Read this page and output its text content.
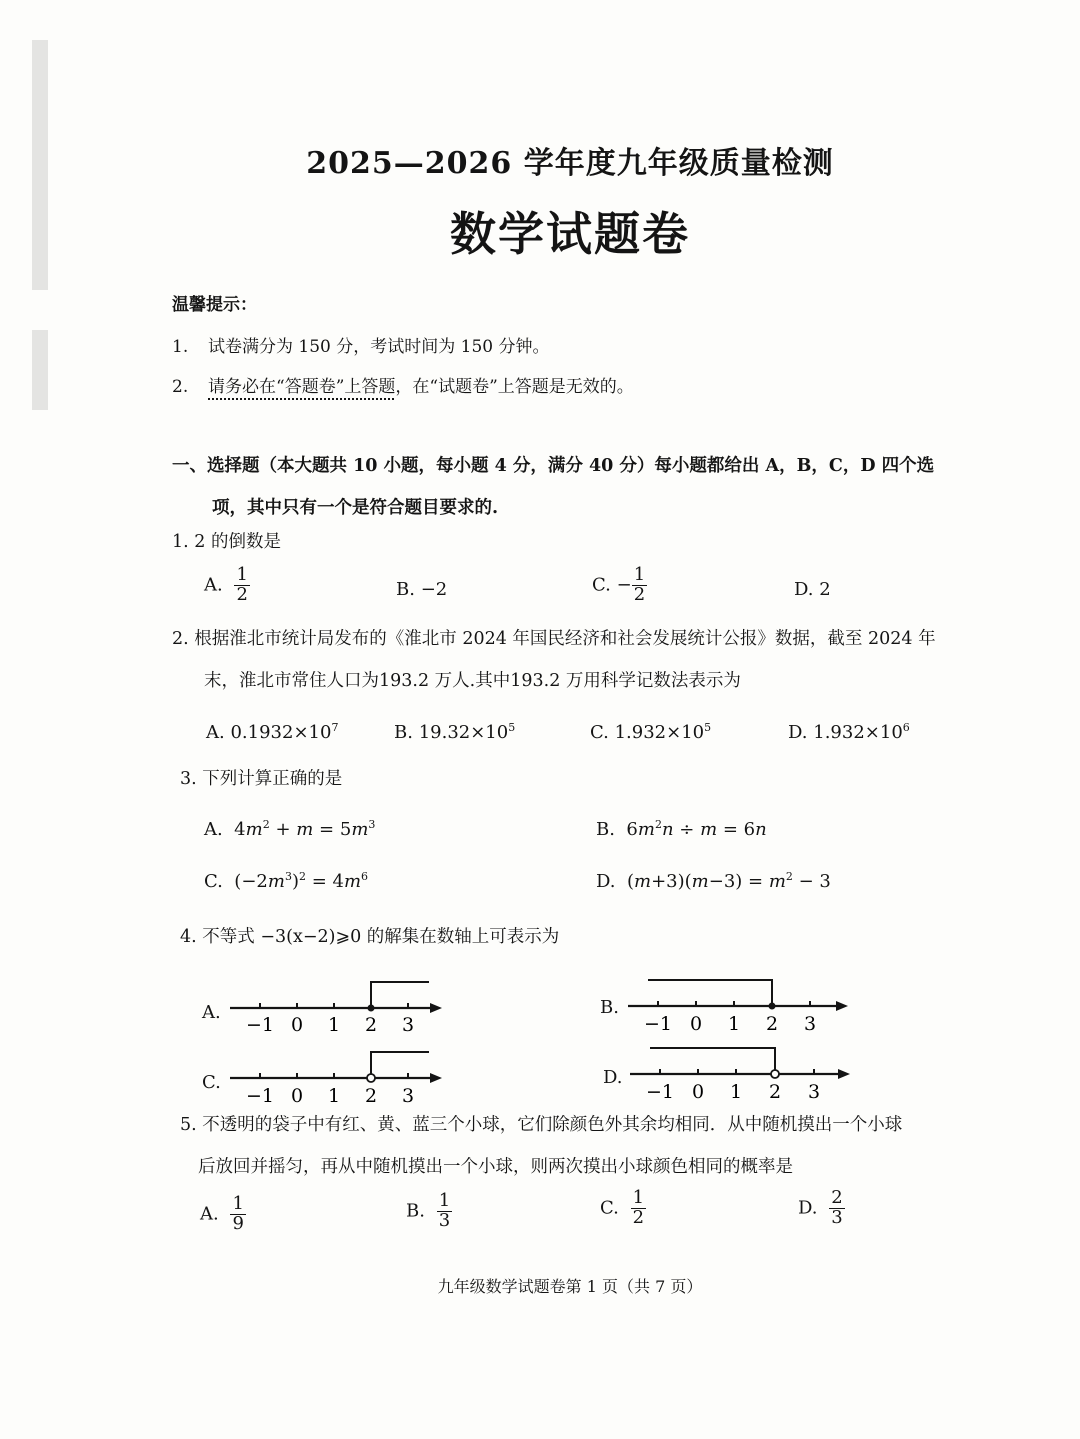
2025—2026 学年度九年级质量检测
数学试题卷
温馨提示：
1. 试卷满分为 150 分，考试时间为 150 分钟。
2. 请务必在“答题卷”上答题，在“试题卷”上答题是无效的。
一、选择题（本大题共 10 小题，每小题 4 分，满分 40 分）每小题都给出 A，B，C，D 四个选
项，其中只有一个是符合题目要求的.
1. 2 的倒数是
A. $\frac{1}{2}$	B. −2	C. − $\frac{1}{2}$	D. 2
2. 根据淮北市统计局发布的《淮北市 2024 年国民经济和社会发展统计公报》数据，截至 2024 年
末，淮北市常住人口为193.2 万人.其中193.2 万用科学记数法表示为
A. $0.1932\times 10^7$	B. $19.32\times 10^5$	C. $1.932\times 10^5$	D. $1.932\times 10^6$
3. 下列计算正确的是
A.  $4m^2 + m = 5m^3$	B.  $6m^2n \div m = 6n$
C.  $(-2m^3)^2 = 4m^6$	D.  $(m+3)(m-3) = m^2 - 3$
4. 不等式 −3(x−2)⩾0 的解集在数轴上可表示为
A.	B.
C.	D.
−1 0 1 2 3	−1 0 1 2 3
−1 0 1 2 3	−1 0 1 2 3
5. 不透明的袋子中有红、黄、蓝三个小球，它们除颜色外其余均相同．从中随机摸出一个小球
后放回并摇匀，再从中随机摸出一个小球，则两次摸出小球颜色相同的概率是
A. $\frac{1}{9}$	B. $\frac{1}{3}$	C. $\frac{1}{2}$	D. $\frac{2}{3}$
九年级数学试题卷第 1 页（共 7 页）
